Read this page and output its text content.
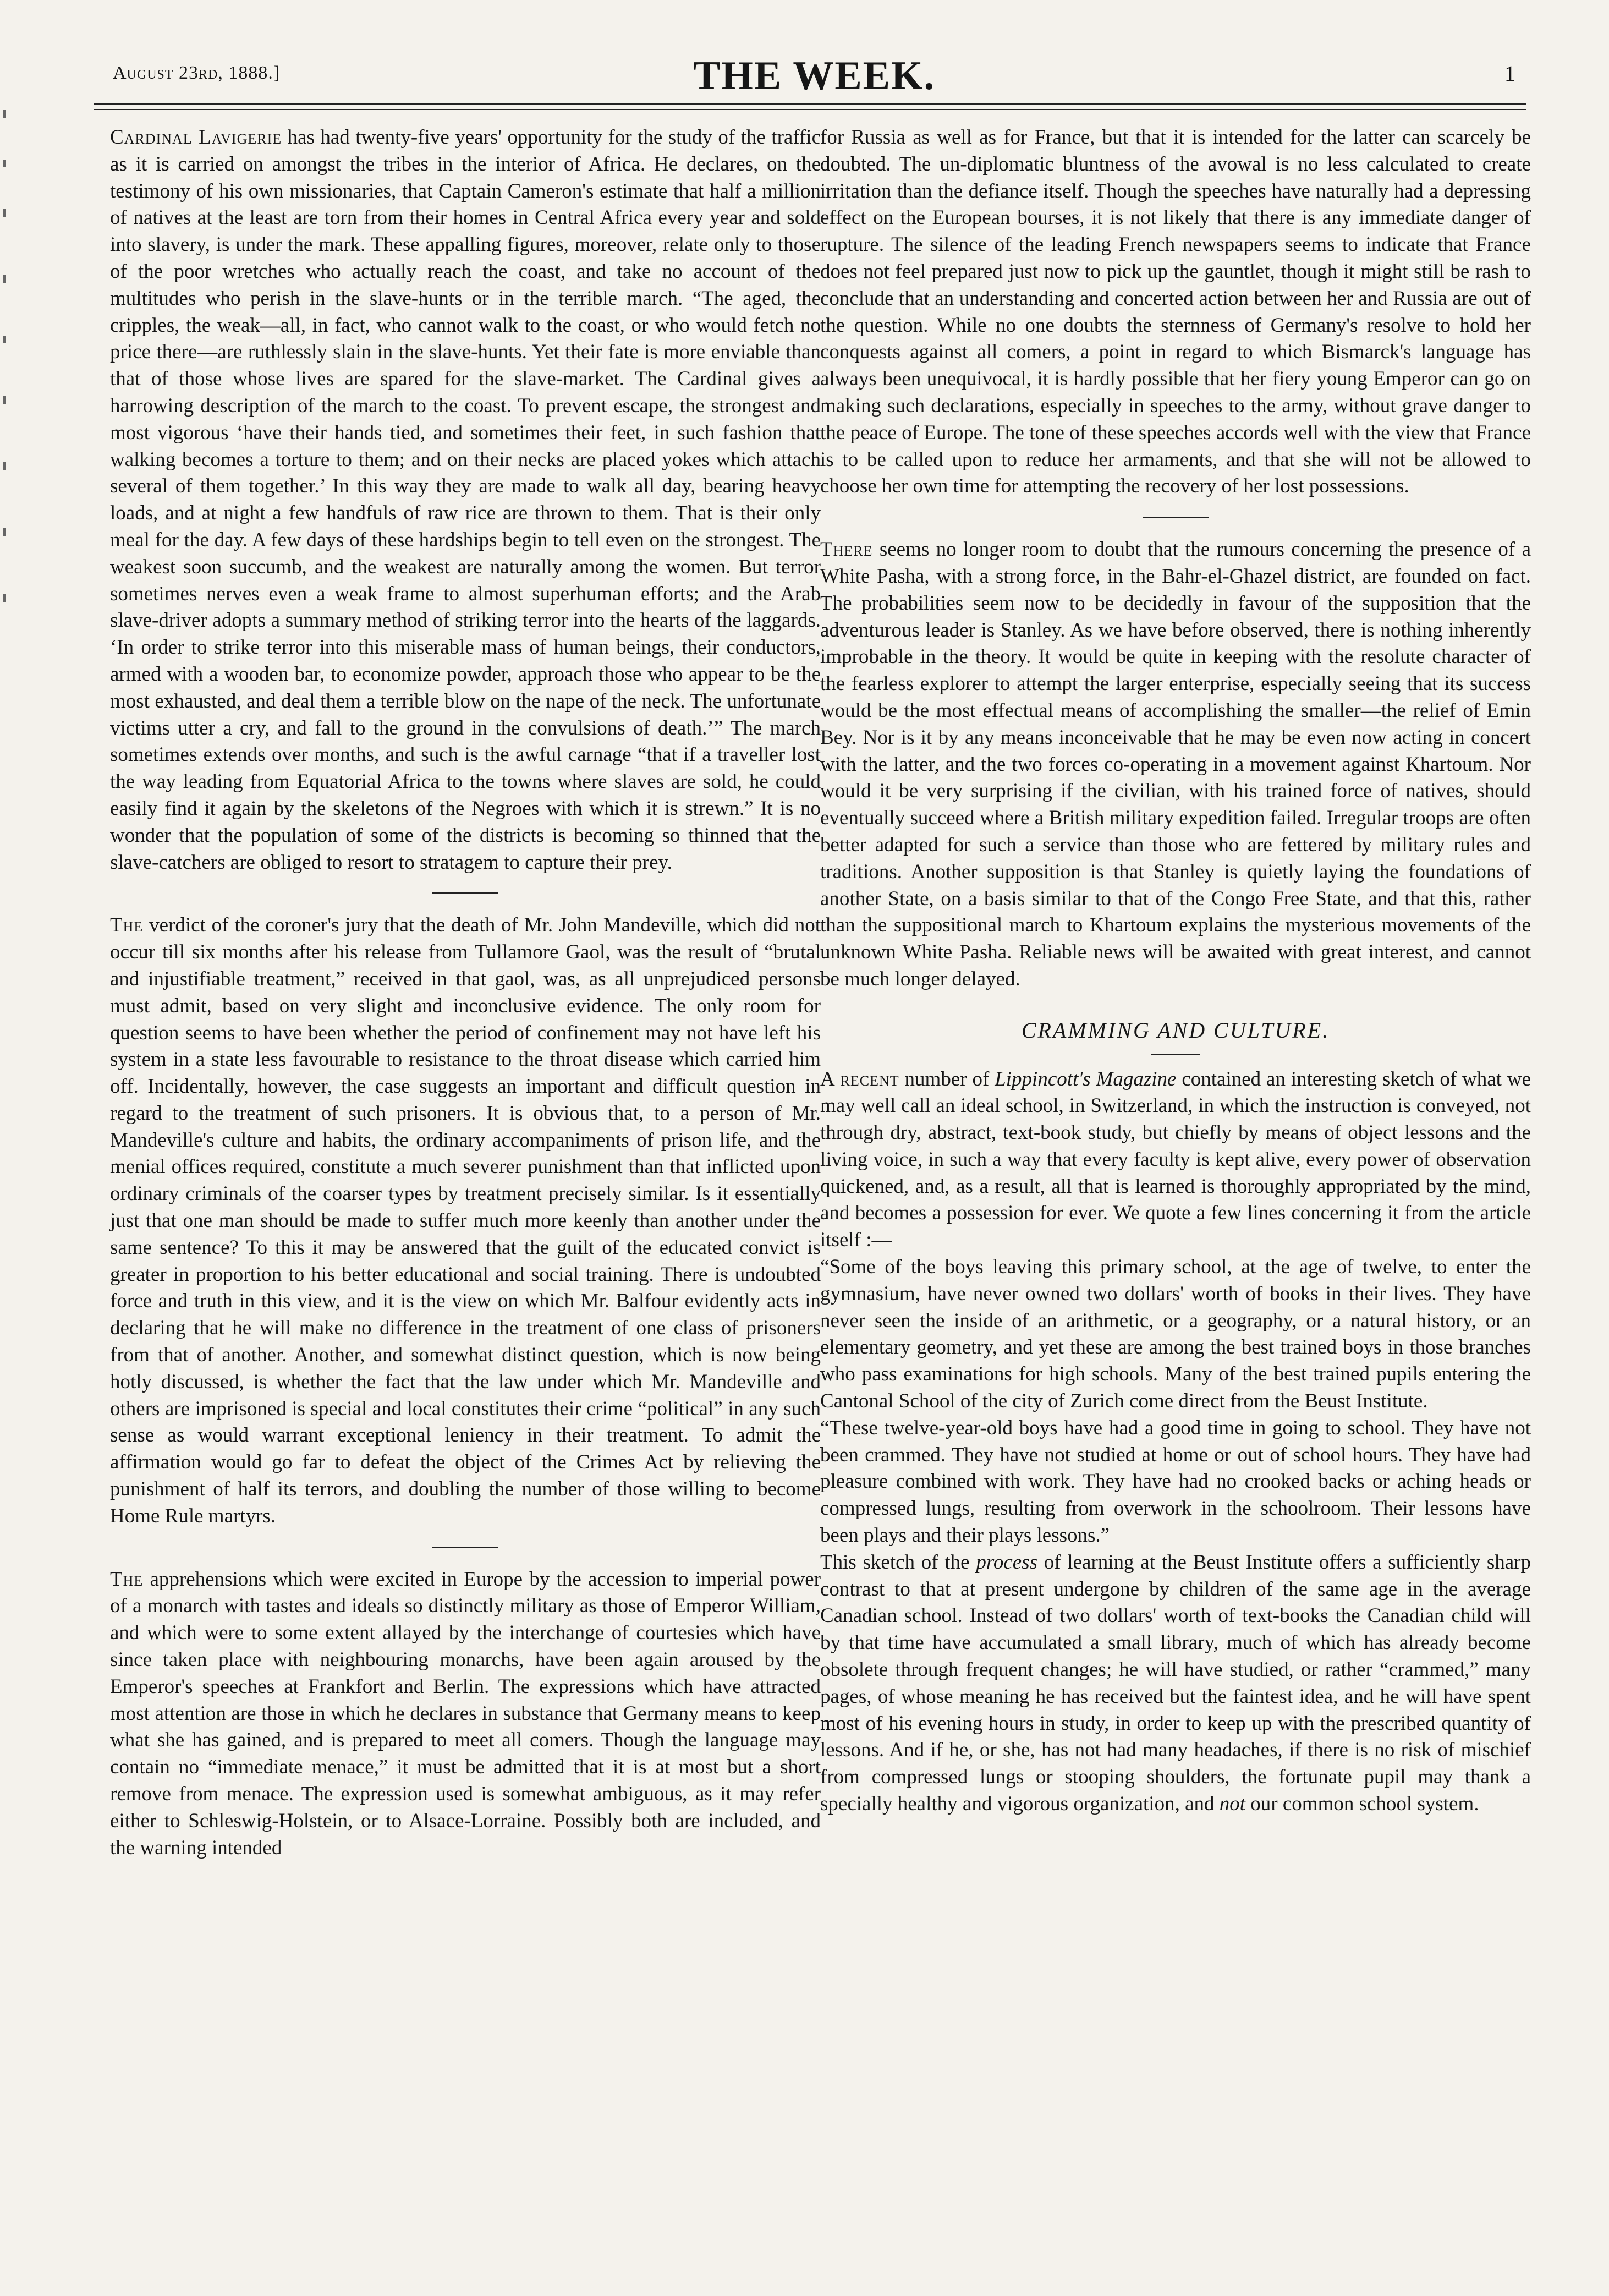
August 23rd, 1888.]	THE WEEK.	1

Cardinal Lavigerie has had twenty-five years' opportunity for the study of the traffic as it is carried on amongst the tribes in the interior of Africa. He declares, on the testimony of his own missionaries, that Captain Cameron's estimate that half a million of natives at the least are torn from their homes in Central Africa every year and sold into slavery, is under the mark. These appalling figures, moreover, relate only to those of the poor wretches who actually reach the coast, and take no account of the multitudes who perish in the slave-hunts or in the terrible march. “The aged, the cripples, the weak—all, in fact, who cannot walk to the coast, or who would fetch no price there—are ruthlessly slain in the slave-hunts. Yet their fate is more enviable than that of those whose lives are spared for the slave-market. The Cardinal gives a harrowing description of the march to the coast. To prevent escape, the strongest and most vigorous ‘have their hands tied, and sometimes their feet, in such fashion that walking becomes a torture to them; and on their necks are placed yokes which attach several of them together.’ In this way they are made to walk all day, bearing heavy loads, and at night a few handfuls of raw rice are thrown to them. That is their only meal for the day. A few days of these hardships begin to tell even on the strongest. The weakest soon succumb, and the weakest are naturally among the women. But terror sometimes nerves even a weak frame to almost superhuman efforts; and the Arab slave-driver adopts a summary method of striking terror into the hearts of the laggards. ‘In order to strike terror into this miserable mass of human beings, their conductors, armed with a wooden bar, to economize powder, approach those who appear to be the most exhausted, and deal them a terrible blow on the nape of the neck. The unfortunate victims utter a cry, and fall to the ground in the convulsions of death.’” The march sometimes extends over months, and such is the awful carnage “that if a traveller lost the way leading from Equatorial Africa to the towns where slaves are sold, he could easily find it again by the skeletons of the Negroes with which it is strewn.” It is no wonder that the population of some of the districts is becoming so thinned that the slave-catchers are obliged to resort to stratagem to capture their prey.

The verdict of the coroner's jury that the death of Mr. John Mandeville, which did not occur till six months after his release from Tullamore Gaol, was the result of “brutal and injustifiable treatment,” received in that gaol, was, as all unprejudiced persons must admit, based on very slight and inconclusive evidence. The only room for question seems to have been whether the period of confinement may not have left his system in a state less favourable to resistance to the throat disease which carried him off. Incidentally, however, the case suggests an important and difficult question in regard to the treatment of such prisoners. It is obvious that, to a person of Mr. Mandeville's culture and habits, the ordinary accompaniments of prison life, and the menial offices required, constitute a much severer punishment than that inflicted upon ordinary criminals of the coarser types by treatment precisely similar. Is it essentially just that one man should be made to suffer much more keenly than another under the same sentence? To this it may be answered that the guilt of the educated convict is greater in proportion to his better educational and social training. There is undoubted force and truth in this view, and it is the view on which Mr. Balfour evidently acts in declaring that he will make no difference in the treatment of one class of prisoners from that of another. Another, and somewhat distinct question, which is now being hotly discussed, is whether the fact that the law under which Mr. Mandeville and others are imprisoned is special and local constitutes their crime “political” in any such sense as would warrant exceptional leniency in their treatment. To admit the affirmation would go far to defeat the object of the Crimes Act by relieving the punishment of half its terrors, and doubling the number of those willing to become Home Rule martyrs.

The apprehensions which were excited in Europe by the accession to imperial power of a monarch with tastes and ideals so distinctly military as those of Emperor William, and which were to some extent allayed by the interchange of courtesies which have since taken place with neighbouring monarchs, have been again aroused by the Emperor's speeches at Frankfort and Berlin. The expressions which have attracted most attention are those in which he declares in substance that Germany means to keep what she has gained, and is prepared to meet all comers. Though the language may contain no “immediate menace,” it must be admitted that it is at most but a short remove from menace. The expression used is somewhat ambiguous, as it may refer either to Schleswig-Holstein, or to Alsace-Lorraine. Possibly both are included, and the warning intended

for Russia as well as for France, but that it is intended for the latter can scarcely be doubted. The un-diplomatic bluntness of the avowal is no less calculated to create irritation than the defiance itself. Though the speeches have naturally had a depressing effect on the European bourses, it is not likely that there is any immediate danger of rupture. The silence of the leading French newspapers seems to indicate that France does not feel prepared just now to pick up the gauntlet, though it might still be rash to conclude that an understanding and concerted action between her and Russia are out of the question. While no one doubts the sternness of Germany's resolve to hold her conquests against all comers, a point in regard to which Bismarck's language has always been unequivocal, it is hardly possible that her fiery young Emperor can go on making such declarations, especially in speeches to the army, without grave danger to the peace of Europe. The tone of these speeches accords well with the view that France is to be called upon to reduce her armaments, and that she will not be allowed to choose her own time for attempting the recovery of her lost possessions.

There seems no longer room to doubt that the rumours concerning the presence of a White Pasha, with a strong force, in the Bahr-el-Ghazel district, are founded on fact. The probabilities seem now to be decidedly in favour of the supposition that the adventurous leader is Stanley. As we have before observed, there is nothing inherently improbable in the theory. It would be quite in keeping with the resolute character of the fearless explorer to attempt the larger enterprise, especially seeing that its success would be the most effectual means of accomplishing the smaller—the relief of Emin Bey. Nor is it by any means inconceivable that he may be even now acting in concert with the latter, and the two forces co-operating in a movement against Khartoum. Nor would it be very surprising if the civilian, with his trained force of natives, should eventually succeed where a British military expedition failed. Irregular troops are often better adapted for such a service than those who are fettered by military rules and traditions. Another supposition is that Stanley is quietly laying the foundations of another State, on a basis similar to that of the Congo Free State, and that this, rather than the suppositional march to Khartoum explains the mysterious movements of the unknown White Pasha. Reliable news will be awaited with great interest, and cannot be much longer delayed.

CRAMMING AND CULTURE.

A recent number of Lippincott's Magazine contained an interesting sketch of what we may well call an ideal school, in Switzerland, in which the instruction is conveyed, not through dry, abstract, text-book study, but chiefly by means of object lessons and the living voice, in such a way that every faculty is kept alive, every power of observation quickened, and, as a result, all that is learned is thoroughly appropriated by the mind, and becomes a possession for ever. We quote a few lines concerning it from the article itself :—

“Some of the boys leaving this primary school, at the age of twelve, to enter the gymnasium, have never owned two dollars' worth of books in their lives. They have never seen the inside of an arithmetic, or a geography, or a natural history, or an elementary geometry, and yet these are among the best trained boys in those branches who pass examinations for high schools. Many of the best trained pupils entering the Cantonal School of the city of Zurich come direct from the Beust Institute.

“These twelve-year-old boys have had a good time in going to school. They have not been crammed. They have not studied at home or out of school hours. They have had pleasure combined with work. They have had no crooked backs or aching heads or compressed lungs, resulting from overwork in the schoolroom. Their lessons have been plays and their plays lessons.”

This sketch of the process of learning at the Beust Institute offers a sufficiently sharp contrast to that at present undergone by children of the same age in the average Canadian school. Instead of two dollars' worth of text-books the Canadian child will by that time have accumulated a small library, much of which has already become obsolete through frequent changes; he will have studied, or rather “crammed,” many pages, of whose meaning he has received but the faintest idea, and he will have spent most of his evening hours in study, in order to keep up with the prescribed quantity of lessons. And if he, or she, has not had many headaches, if there is no risk of mischief from compressed lungs or stooping shoulders, the fortunate pupil may thank a specially healthy and vigorous organization, and not our common school system.
